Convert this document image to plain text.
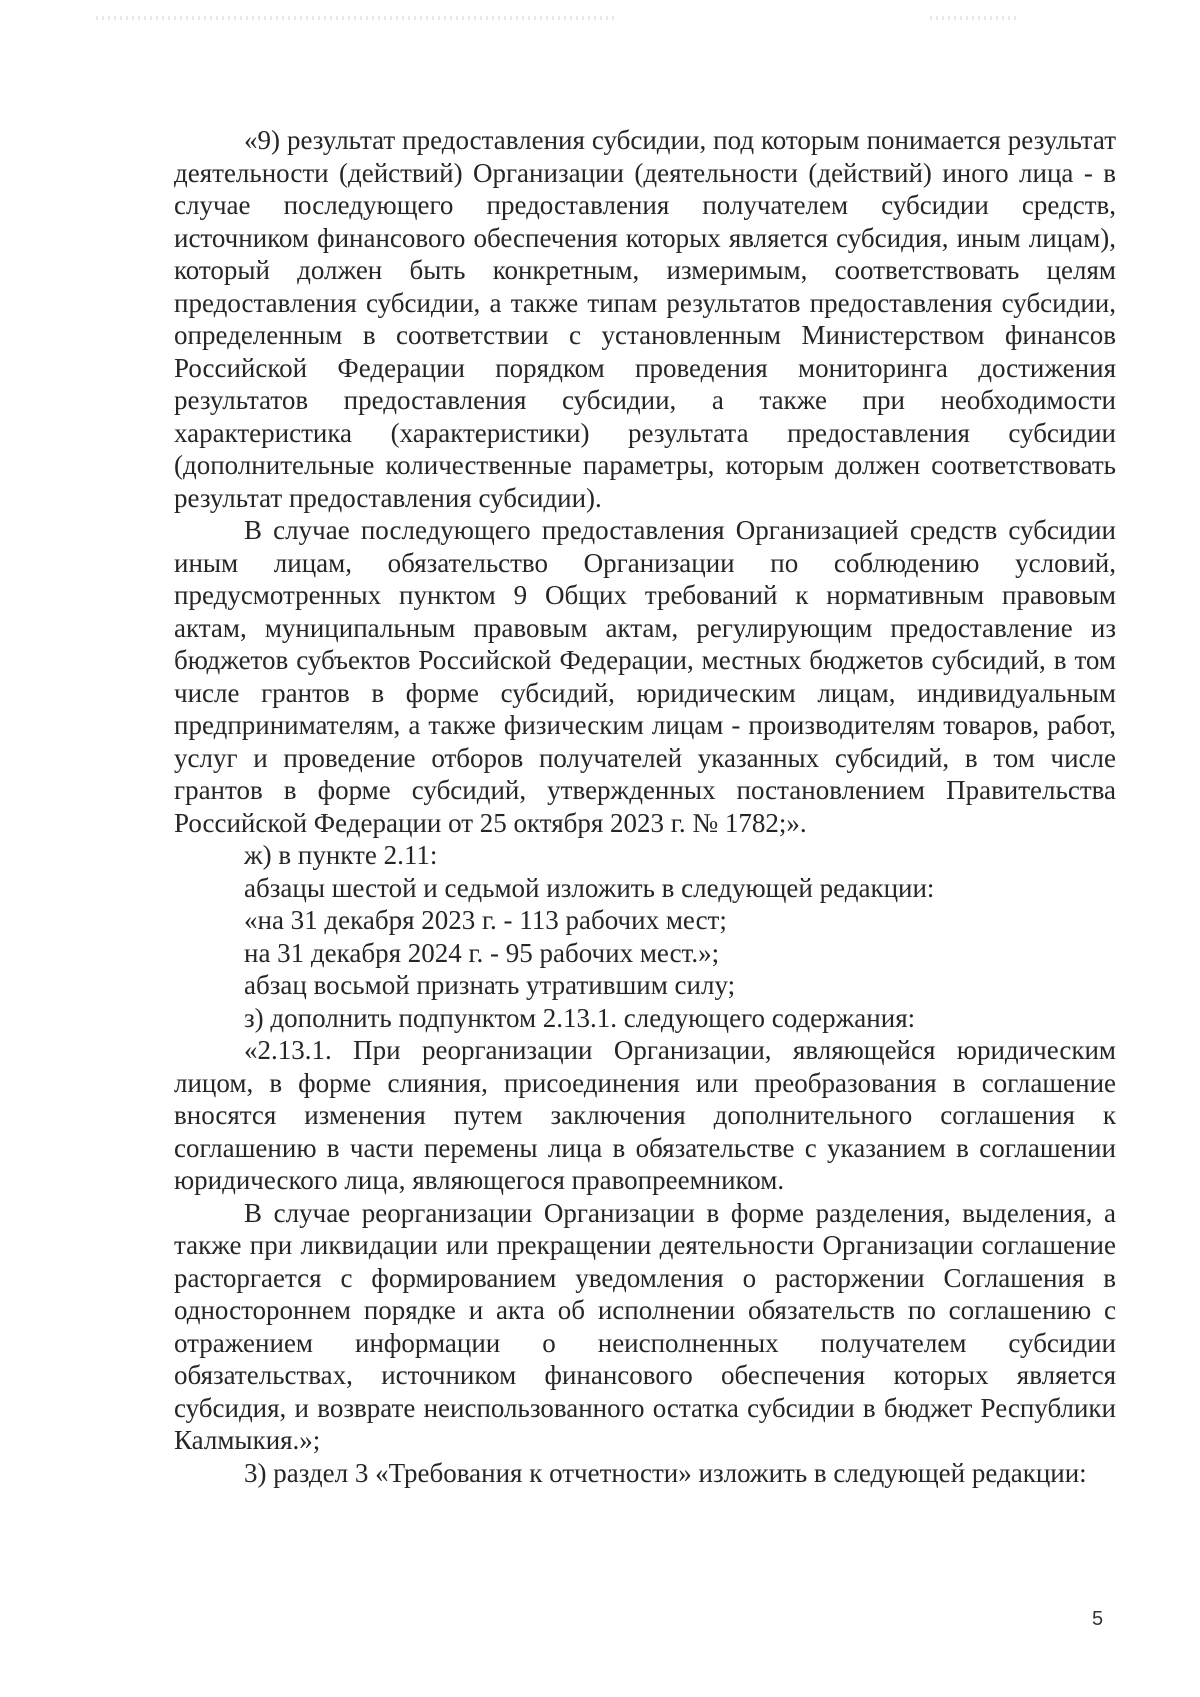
«9) результат предоставления субсидии, под которым понимается результат деятельности (действий) Организации (деятельности (действий) иного лица - в случае последующего предоставления получателем субсидии средств, источником финансового обеспечения которых является субсидия, иным лицам), который должен быть конкретным, измеримым, соответствовать целям предоставления субсидии, а также типам результатов предоставления субсидии, определенным в соответствии с установленным Министерством финансов Российской Федерации порядком проведения мониторинга достижения результатов предоставления субсидии, а также при необходимости характеристика (характеристики) результата предоставления субсидии (дополнительные количественные параметры, которым должен соответствовать результат предоставления субсидии).

В случае последующего предоставления Организацией средств субсидии иным лицам, обязательство Организации по соблюдению условий, предусмотренных пунктом 9 Общих требований к нормативным правовым актам, муниципальным правовым актам, регулирующим предоставление из бюджетов субъектов Российской Федерации, местных бюджетов субсидий, в том числе грантов в форме субсидий, юридическим лицам, индивидуальным предпринимателям, а также физическим лицам - производителям товаров, работ, услуг и проведение отборов получателей указанных субсидий, в том числе грантов в форме субсидий, утвержденных постановлением Правительства Российской Федерации от 25 октября 2023 г. № 1782;».

ж) в пункте 2.11:

абзацы шестой и седьмой изложить в следующей редакции:

«на 31 декабря 2023 г. - 113 рабочих мест;

на 31 декабря 2024 г. - 95 рабочих мест.»;

абзац восьмой признать утратившим силу;

з) дополнить подпунктом 2.13.1. следующего содержания:

«2.13.1. При реорганизации Организации, являющейся юридическим лицом, в форме слияния, присоединения или преобразования в соглашение вносятся изменения путем заключения дополнительного соглашения к соглашению в части перемены лица в обязательстве с указанием в соглашении юридического лица, являющегося правопреемником.

В случае реорганизации Организации в форме разделения, выделения, а также при ликвидации или прекращении деятельности Организации соглашение расторгается с формированием уведомления о расторжении Соглашения в одностороннем порядке и акта об исполнении обязательств по соглашению с отражением информации о неисполненных получателем субсидии обязательствах, источником финансового обеспечения которых является субсидия, и возврате неиспользованного остатка субсидии в бюджет Республики Калмыкия.»;

3) раздел 3 «Требования к отчетности» изложить в следующей редакции:

5
